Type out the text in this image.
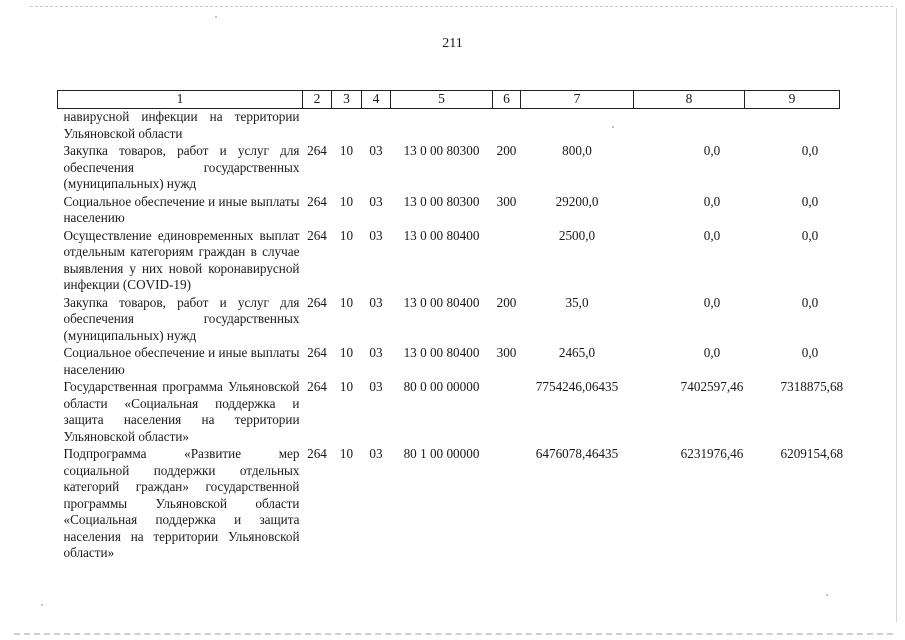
211
1	2	3	4	5	6	7	8	9
навирусной инфекции на территории Ульяновской области								
Закупка товаров, работ и услуг для обеспечения государственных (муниципальных) нужд	264	10	03	13 0 00 80300	200	800,0	0,0	0,0
Социальное обеспечение и иные выплаты населению	264	10	03	13 0 00 80300	300	29200,0	0,0	0,0
Осуществление единовременных выплат отдельным категориям граждан в случае выявления у них новой коронавирусной инфекции (COVID-19)	264	10	03	13 0 00 80400		2500,0	0,0	0,0
Закупка товаров, работ и услуг для обеспечения государственных (муниципальных) нужд	264	10	03	13 0 00 80400	200	35,0	0,0	0,0
Социальное обеспечение и иные выплаты населению	264	10	03	13 0 00 80400	300	2465,0	0,0	0,0
Государственная программа Ульяновской области «Социальная поддержка и защита населения на территории Ульяновской области»	264	10	03	80 0 00 00000		7754246,06435	7402597,46	7318875,68
Подпрограмма «Развитие мер социальной поддержки отдельных категорий граждан» государственной программы Ульяновской области «Социальная поддержка и защита населения на территории Ульяновской области»	264	10	03	80 1 00 00000		6476078,46435	6231976,46	6209154,68
